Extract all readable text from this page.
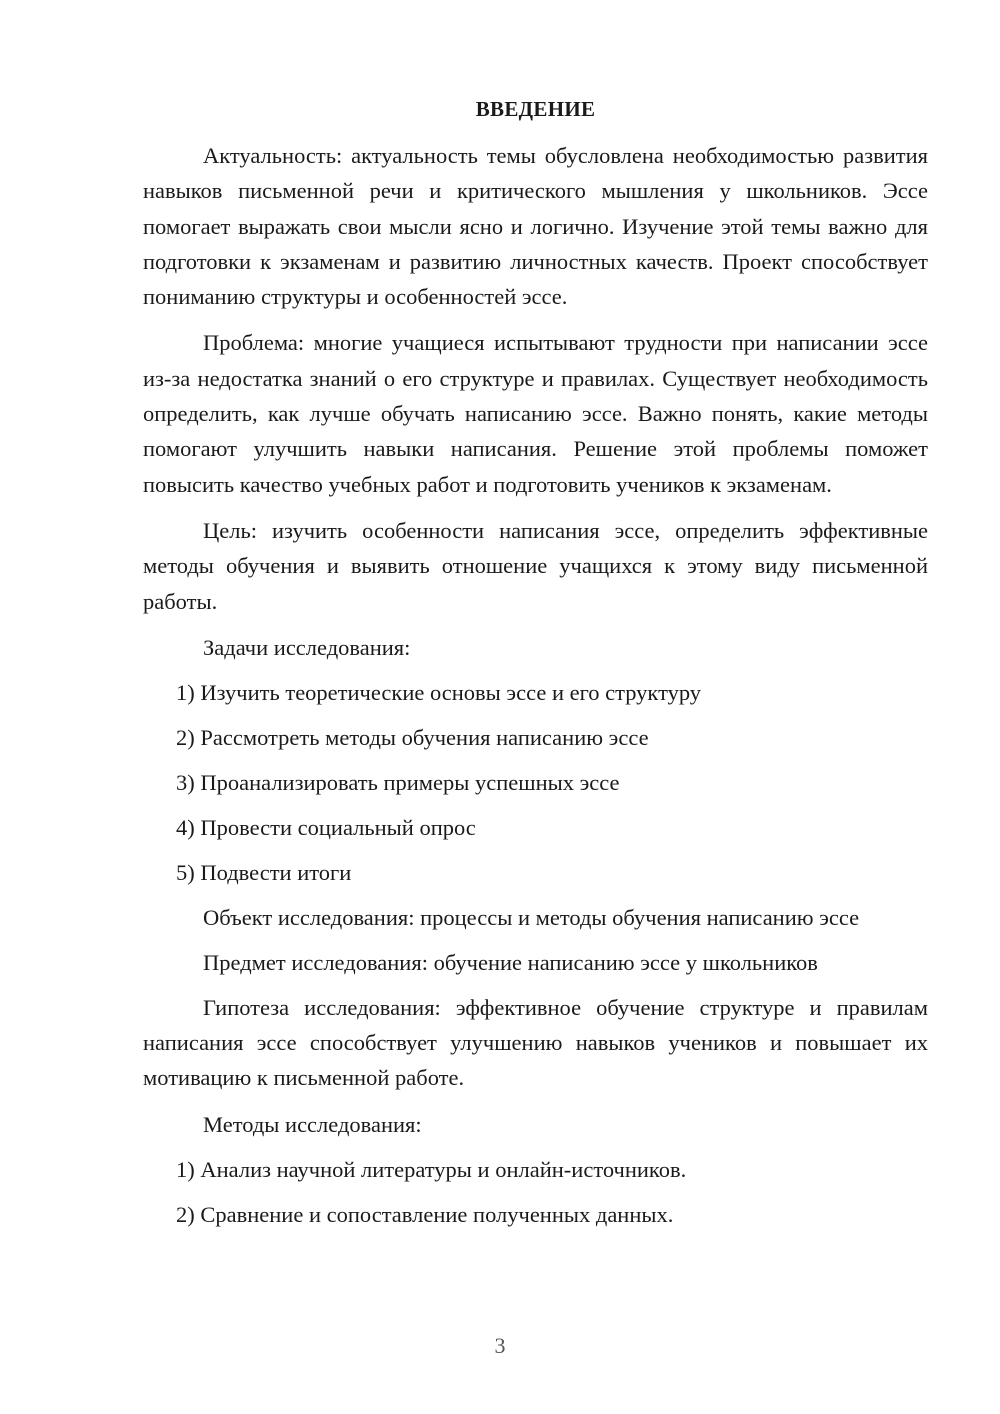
ВВЕДЕНИЕ

Актуальность: актуальность темы обусловлена необходимостью развития навыков письменной речи и критического мышления у школьников. Эссе помогает выражать свои мысли ясно и логично. Изучение этой темы важно для подготовки к экзаменам и развитию личностных качеств. Проект способствует пониманию структуры и особенностей эссе.

Проблема: многие учащиеся испытывают трудности при написании эссе из-за недостатка знаний о его структуре и правилах. Существует необходимость определить, как лучше обучать написанию эссе. Важно понять, какие методы помогают улучшить навыки написания. Решение этой проблемы поможет повысить качество учебных работ и подготовить учеников к экзаменам.

Цель: изучить особенности написания эссе, определить эффективные методы обучения и выявить отношение учащихся к этому виду письменной работы.

Задачи исследования:

1) Изучить теоретические основы эссе и его структуру

2) Рассмотреть методы обучения написанию эссе

3) Проанализировать примеры успешных эссе

4) Провести социальный опрос

5) Подвести итоги

Объект исследования: процессы и методы обучения написанию эссе

Предмет исследования: обучение написанию эссе у школьников

Гипотеза исследования: эффективное обучение структуре и правилам написания эссе способствует улучшению навыков учеников и повышает их мотивацию к письменной работе.

Методы исследования:

1) Анализ научной литературы и онлайн-источников.

2) Сравнение и сопоставление полученных данных.

3
